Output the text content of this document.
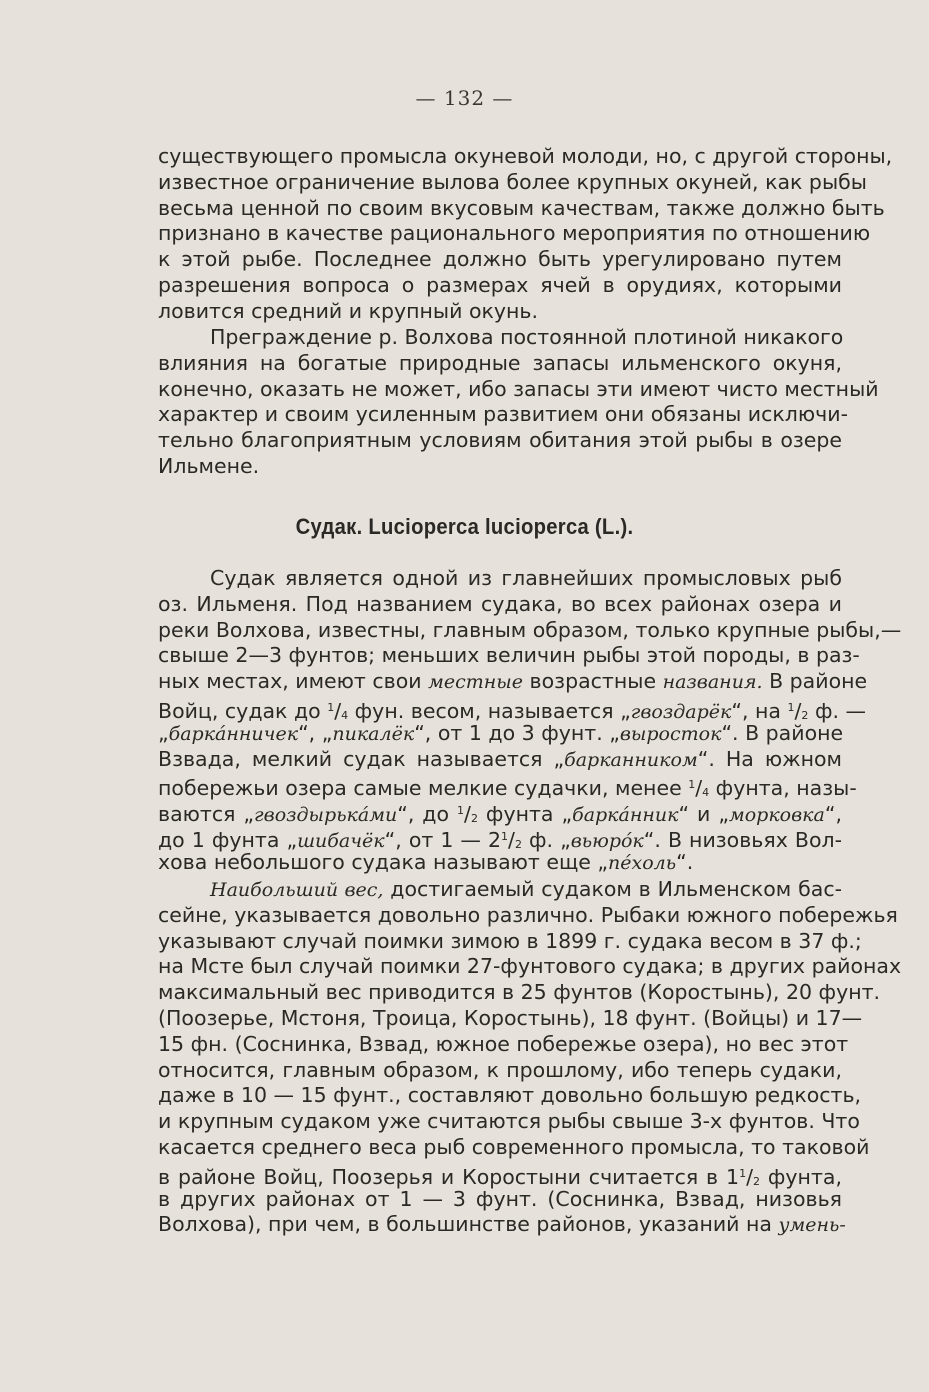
— 132 —
существующего промысла окуневой молоди, но, с другой стороны,
известное ограничение вылова более крупных окуней, как рыбы
весьма ценной по своим вкусовым качествам, также должно быть
признано в качестве рационального мероприятия по отношению
к этой рыбе. Последнее должно быть урегулировано путем
разрешения вопроса о размерах ячей в орудиях, которыми
ловится средний и крупный окунь.
Преграждение р. Волхова постоянной плотиной никакого
влияния на богатые природные запасы ильменского окуня,
конечно, оказать не может, ибо запасы эти имеют чисто местный
характер и своим усиленным развитием они обязаны исключи-
тельно благоприятным условиям обитания этой рыбы в озере
Ильмене.
Судак. Lucioperca lucioperca (L.).
Судак является одной из главнейших промысловых рыб
оз. Ильменя. Под названием судака, во всех районах озера и
реки Волхова, известны, главным образом, только крупные рыбы,—
свыше 2—3 фунтов; меньших величин рыбы этой породы, в раз-
ных местах, имеют свои местные возрастные названия. В районе
Войц, судак до $^1/_4$ фун. весом, называется „гвоздарёк“, на $^1/_2$ ф. —
„баркáнничек“, „пикалёк“, от 1 до 3 фунт. „выросток“. В районе
Взвада, мелкий судак называется „барканником“. На южном
побережьи озера самые мелкие судачки, менее $^1/_4$ фунта, назы-
ваются „гвоздырькáми“, до $^1/_2$ фунта „баркáнник“ и „морковка“,
до 1 фунта „шибачёк“, от 1 — $2^1/_2$ ф. „вьюрóк“. В низовьях Вол-
хова небольшого судака называют еще „пéхоль“.
Наибольший вес, достигаемый судаком в Ильменском бас-
сейне, указывается довольно различно. Рыбаки южного побережья
указывают случай поимки зимою в 1899 г. судака весом в 37 ф.;
на Мсте был случай поимки 27-фунтового судака; в других районах
максимальный вес приводится в 25 фунтов (Коростынь), 20 фунт.
(Поозерье, Мстоня, Троица, Коростынь), 18 фунт. (Войцы) и 17—
15 фн. (Соснинка, Взвад, южное побережье озера), но вес этот
относится, главным образом, к прошлому, ибо теперь судаки,
даже в 10 — 15 фунт., составляют довольно большую редкость,
и крупным судаком уже считаются рыбы свыше 3-х фунтов. Что
касается среднего веса рыб современного промысла, то таковой
в районе Войц, Поозерья и Коростыни считается в $1^1/_2$ фунта,
в других районах от 1 — 3 фунт. (Соснинка, Взвад, низовья
Волхова), при чем, в большинстве районов, указаний на умень-
